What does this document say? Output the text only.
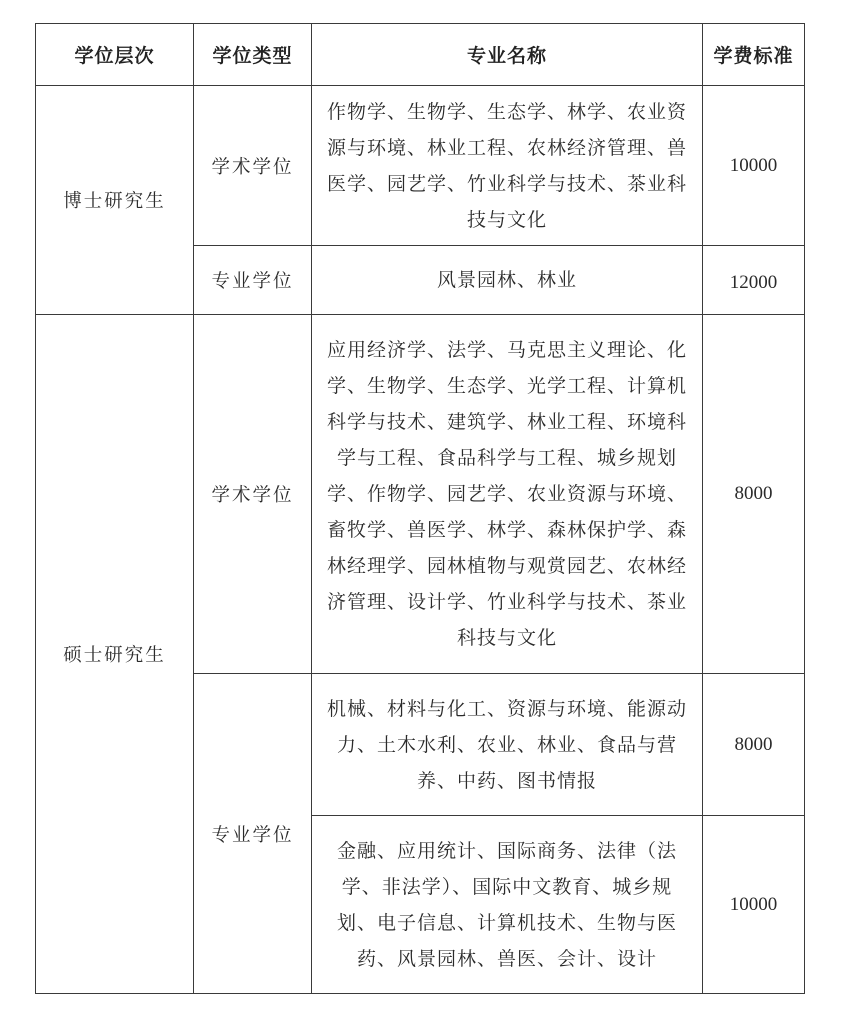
学位层次	学位类型	专业名称	学费标准
博士研究生	学术学位	作物学、生物学、生态学、林学、农业资源与环境、林业工程、农林经济管理、兽医学、园艺学、竹业科学与技术、茶业科技与文化	10000
	专业学位	风景园林、林业	12000
硕士研究生	学术学位	应用经济学、法学、马克思主义理论、化学、生物学、生态学、光学工程、计算机科学与技术、建筑学、林业工程、环境科学与工程、食品科学与工程、城乡规划学、作物学、园艺学、农业资源与环境、畜牧学、兽医学、林学、森林保护学、森林经理学、园林植物与观赏园艺、农林经济管理、设计学、竹业科学与技术、茶业科技与文化	8000
	专业学位	机械、材料与化工、资源与环境、能源动力、土木水利、农业、林业、食品与营养、中药、图书情报	8000
		金融、应用统计、国际商务、法律（法学、非法学）、国际中文教育、城乡规划、电子信息、计算机技术、生物与医药、风景园林、兽医、会计、设计	10000
